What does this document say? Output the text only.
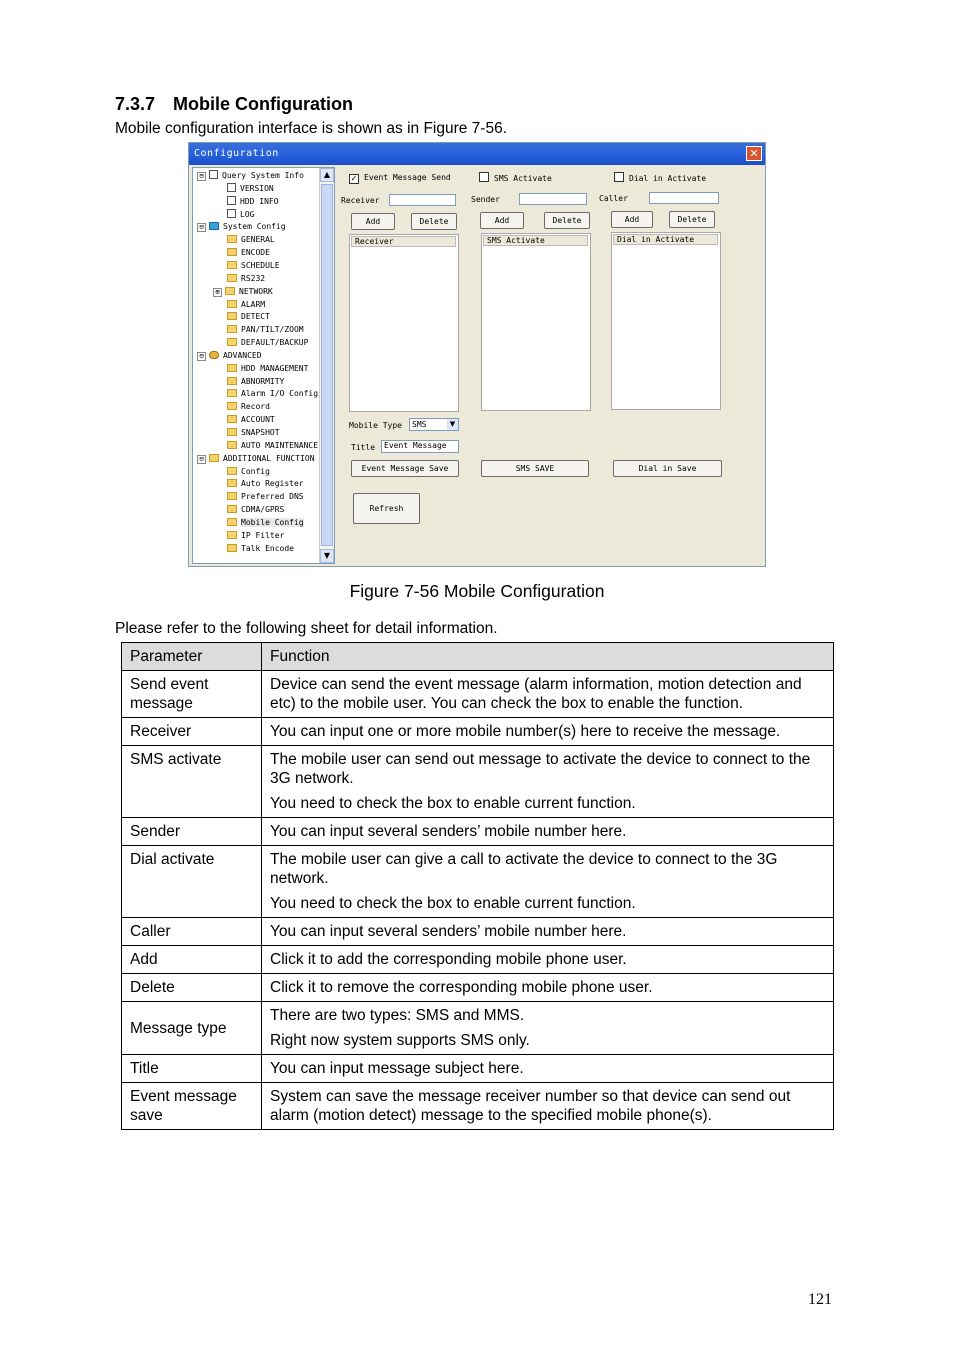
7.3.7 Mobile Configuration
Mobile configuration interface is shown as in Figure 7-56.
Configuration	✕
▲
▼
⊟ Query System Info
VERSION
HDD INFO
LOG
⊟ System Config
GENERAL
ENCODE
SCHEDULE
RS232
⊞ NETWORK
ALARM
DETECT
PAN/TILT/ZOOM
DEFAULT/BACKUP
⊟ ADVANCED
HDD MANAGEMENT
ABNORMITY
Alarm I/O Config
Record
ACCOUNT
SNAPSHOT
AUTO MAINTENANCE
⊟ ADDITIONAL FUNCTION
Config
Auto Register
Preferred DNS
CDMA/GPRS
Mobile Config
IP Filter
Talk Encode
✓ Event Message Send	SMS Activate	Dial in Activate
Receiver	Sender	Caller
Add	Delete	Add	Delete	Add	Delete
Receiver	SMS Activate	Dial in Activate
Mobile Type	SMS	▼
Title	Event Message
Event Message Save	SMS SAVE	Dial in Save
Refresh
Figure 7-56 Mobile Configuration
Please refer to the following sheet for detail information.
Parameter	Function
Send event message	Device can send the event message (alarm information, motion detection and etc) to the mobile user. You can check the box to enable the function.

Receiver	You can input one or more mobile number(s) here to receive the message.

SMS activate	The mobile user can send out message to activate the device to connect to the 3G network.

You need to check the box to enable current function.

Sender	You can input several senders’ mobile number here.

Dial activate	The mobile user can give a call to activate the device to connect to the 3G network.

You need to check the box to enable current function.

Caller	You can input several senders’ mobile number here.

Add	Click it to add the corresponding mobile phone user.

Delete	Click it to remove the corresponding mobile phone user.

Message type	There are two types: SMS and MMS.

Right now system supports SMS only.

Title	You can input message subject here.

Event message save	System can save the message receiver number so that device can send out alarm (motion detect) message to the specified mobile phone(s).

121
